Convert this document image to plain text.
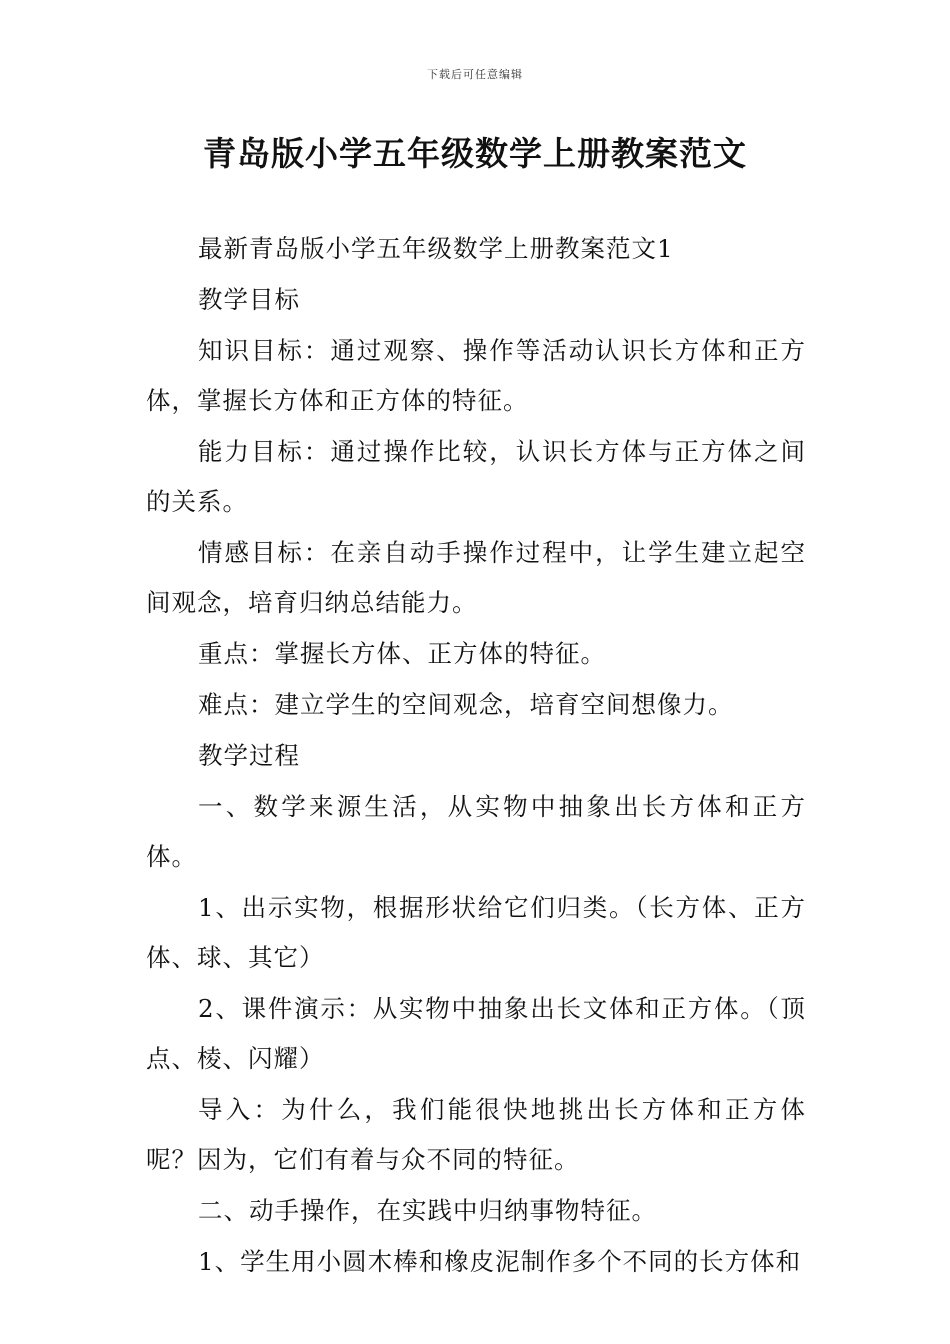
下载后可任意编辑
青岛版小学五年级数学上册教案范文

最新青岛版小学五年级数学上册教案范文1

教学目标

知识目标：通过观察、操作等活动认识长方体和正方体，掌握长方体和正方体的特征。

能力目标：通过操作比较，认识长方体与正方体之间的关系。

情感目标：在亲自动手操作过程中，让学生建立起空间观念，培育归纳总结能力。

重点：掌握长方体、正方体的特征。

难点：建立学生的空间观念，培育空间想像力。

教学过程

一、数学来源生活，从实物中抽象出长方体和正方体。

1、出示实物，根据形状给它们归类。（长方体、正方体、球、其它）

2、课件演示：从实物中抽象出长文体和正方体。（顶点、棱、闪耀）

导入：为什么，我们能很快地挑出长方体和正方体呢？因为，它们有着与众不同的特征。

二、动手操作，在实践中归纳事物特征。

1、学生用小圆木棒和橡皮泥制作多个不同的长方体和
